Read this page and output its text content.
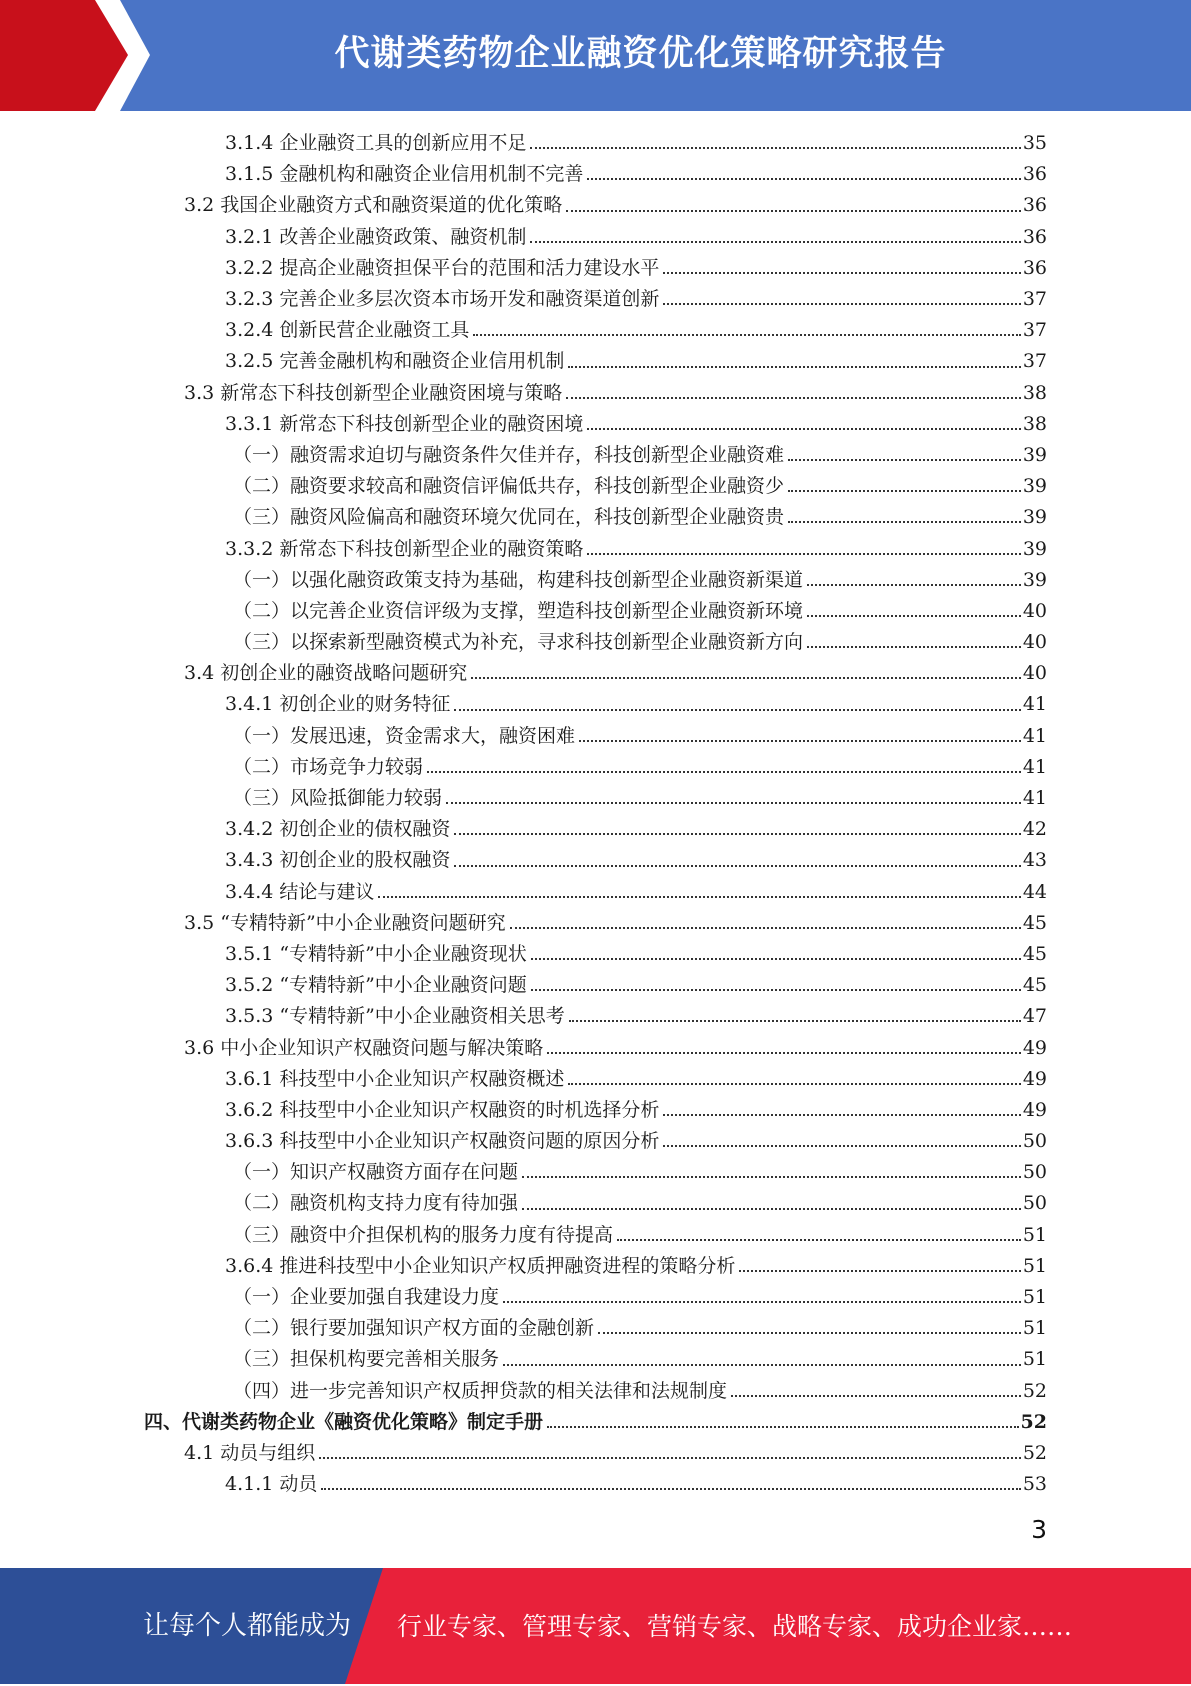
代谢类药物企业融资优化策略研究报告
3.1.4 企业融资工具的创新应用不足	35
3.1.5 金融机构和融资企业信用机制不完善	36
3.2 我国企业融资方式和融资渠道的优化策略	36
3.2.1 改善企业融资政策、融资机制	36
3.2.2 提高企业融资担保平台的范围和活力建设水平	36
3.2.3 完善企业多层次资本市场开发和融资渠道创新	37
3.2.4 创新民营企业融资工具	37
3.2.5 完善金融机构和融资企业信用机制	37
3.3 新常态下科技创新型企业融资困境与策略	38
3.3.1 新常态下科技创新型企业的融资困境	38
（一）融资需求迫切与融资条件欠佳并存，科技创新型企业融资难	39
（二）融资要求较高和融资信评偏低共存，科技创新型企业融资少	39
（三）融资风险偏高和融资环境欠优同在，科技创新型企业融资贵	39
3.3.2 新常态下科技创新型企业的融资策略	39
（一）以强化融资政策支持为基础，构建科技创新型企业融资新渠道	39
（二）以完善企业资信评级为支撑，塑造科技创新型企业融资新环境	40
（三）以探索新型融资模式为补充，寻求科技创新型企业融资新方向	40
3.4 初创企业的融资战略问题研究	40
3.4.1 初创企业的财务特征	41
（一）发展迅速，资金需求大，融资困难	41
（二）市场竞争力较弱	41
（三）风险抵御能力较弱	41
3.4.2 初创企业的债权融资	42
3.4.3 初创企业的股权融资	43
3.4.4 结论与建议	44
3.5 “专精特新”中小企业融资问题研究	45
3.5.1 “专精特新”中小企业融资现状	45
3.5.2 “专精特新”中小企业融资问题	45
3.5.3 “专精特新”中小企业融资相关思考	47
3.6 中小企业知识产权融资问题与解决策略	49
3.6.1 科技型中小企业知识产权融资概述	49
3.6.2 科技型中小企业知识产权融资的时机选择分析	49
3.6.3 科技型中小企业知识产权融资问题的原因分析	50
（一）知识产权融资方面存在问题	50
（二）融资机构支持力度有待加强	50
（三）融资中介担保机构的服务力度有待提高	51
3.6.4 推进科技型中小企业知识产权质押融资进程的策略分析	51
（一）企业要加强自我建设力度	51
（二）银行要加强知识产权方面的金融创新	51
（三）担保机构要完善相关服务	51
（四）进一步完善知识产权质押贷款的相关法律和法规制度	52
四、代谢类药物企业《融资优化策略》制定手册	52
4.1 动员与组织	52
4.1.1 动员	53
3
让每个人都能成为 行业专家、管理专家、营销专家、战略专家、成功企业家……
